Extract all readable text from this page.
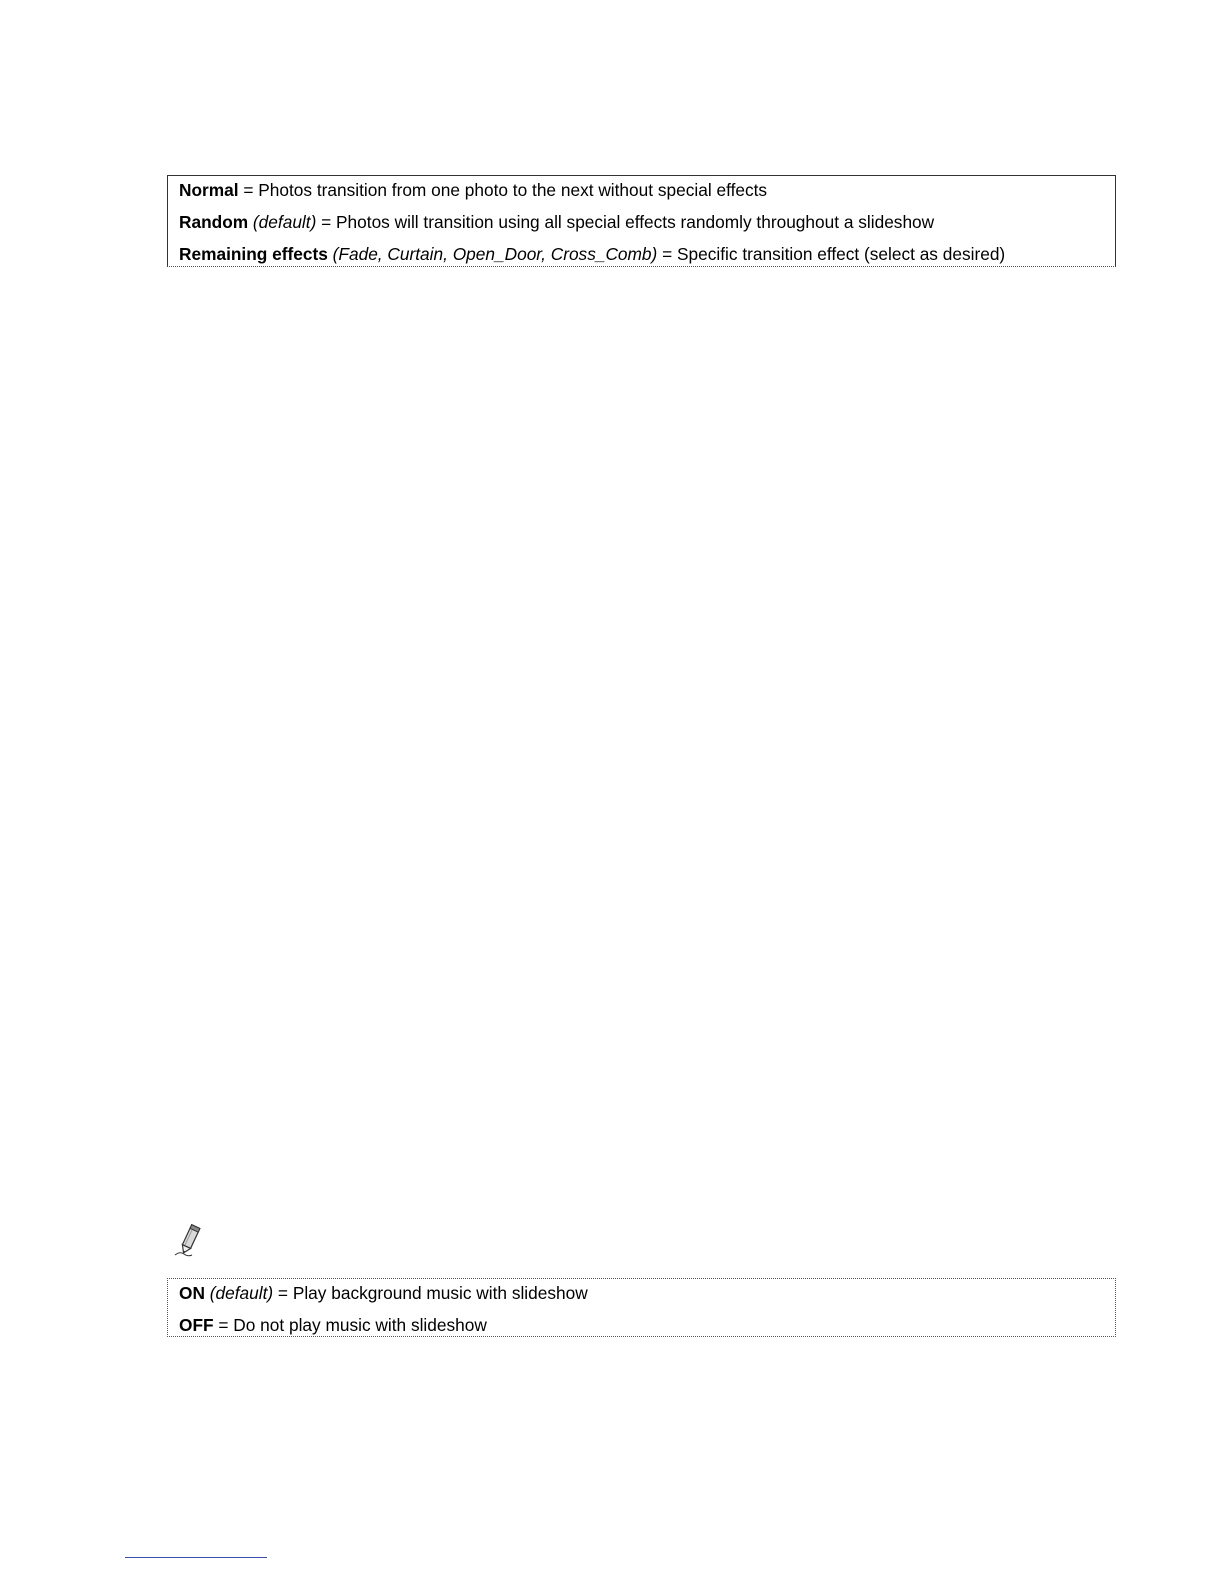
Normal = Photos transition from one photo to the next without special effects
Random (default) = Photos will transition using all special effects randomly throughout a slideshow
Remaining effects (Fade, Curtain, Open_Door, Cross_Comb) = Specific transition effect (select as desired)
ON (default) = Play background music with slideshow
OFF = Do not play music with slideshow
